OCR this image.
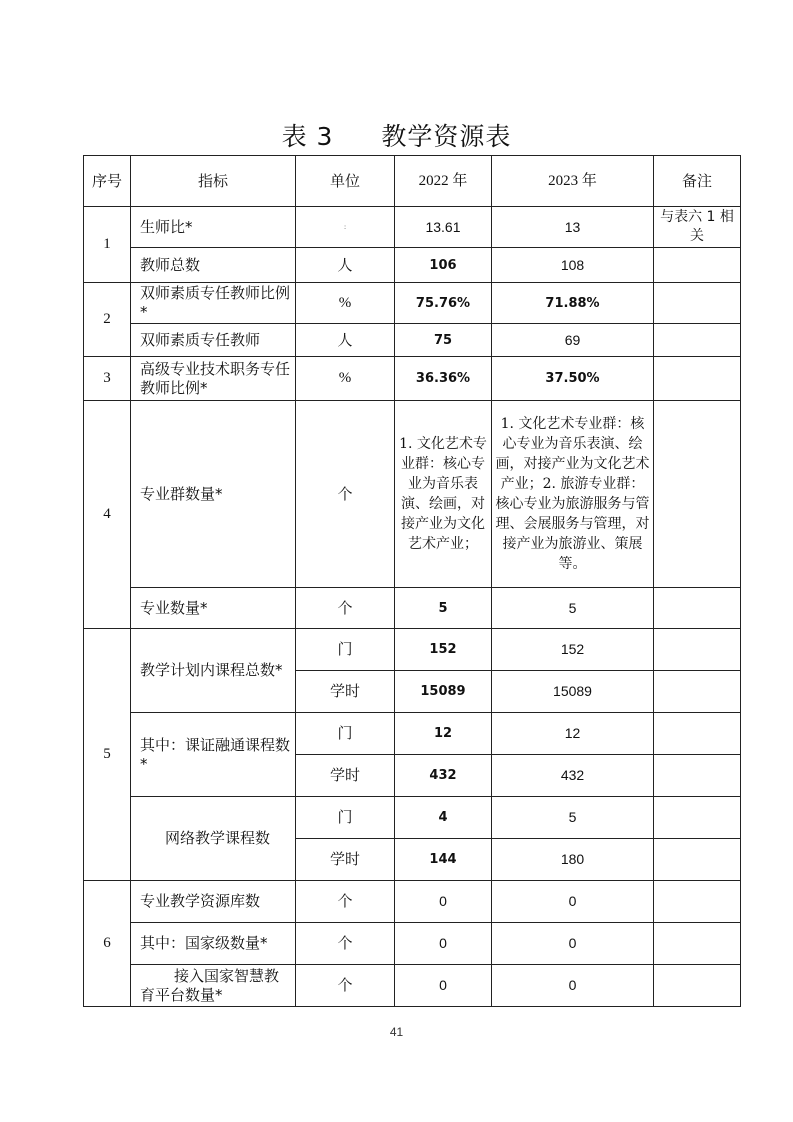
表 3 教学资源表
序号	指标	单位	2022 年	2023 年	备注
1	生师比*	:	13.61	13	与表六 1 相关
	教师总数	人	106	108	
2	双师素质专任教师比例*	%	75.76%	71.88%	
	双师素质专任教师	人	75	69	
3	高级专业技术职务专任教师比例*	%	36.36%	37.50%	
4	专业群数量*	个	1. 文化艺术专业群：核心专业为音乐表演、绘画，对接产业为文化艺术产业；	1. 文化艺术专业群：核心专业为音乐表演、绘画，对接产业为文化艺术产业；2. 旅游专业群：核心专业为旅游服务与管理、会展服务与管理，对接产业为旅游业、策展等。	
	专业数量*	个	5	5	
5	教学计划内课程总数*	门	152	152	
		学时	15089	15089	
	其中：课证融通课程数*	门	12	12	
		学时	432	432	
	网络教学课程数	门	4	5	
		学时	144	180	
6	专业教学资源库数	个	0	0	
	其中：国家级数量*	个	0	0	
	接入国家智慧教育平台数量*	个	0	0	
41
